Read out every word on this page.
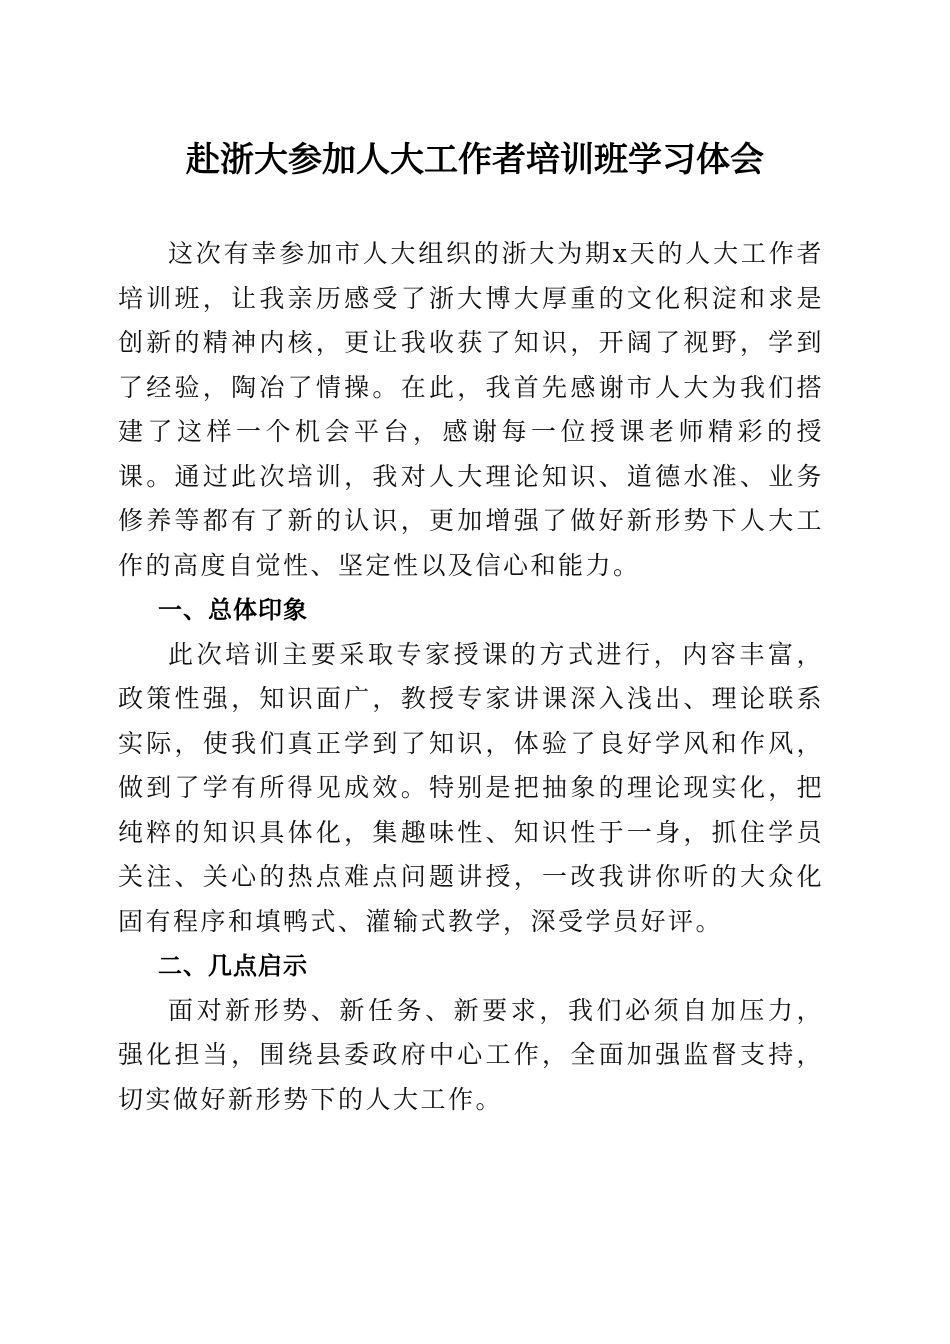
赴浙大参加人大工作者培训班学习体会

这次有幸参加市人大组织的浙大为期x天的人大工作者培训班，让我亲历感受了浙大博大厚重的文化积淀和求是创新的精神内核，更让我收获了知识，开阔了视野，学到了经验，陶冶了情操。在此，我首先感谢市人大为我们搭建了这样一个机会平台，感谢每一位授课老师精彩的授课。通过此次培训，我对人大理论知识、道德水准、业务修养等都有了新的认识，更加增强了做好新形势下人大工作的高度自觉性、坚定性以及信心和能力。

一、总体印象

此次培训主要采取专家授课的方式进行，内容丰富，政策性强，知识面广，教授专家讲课深入浅出、理论联系实际，使我们真正学到了知识，体验了良好学风和作风，做到了学有所得见成效。特别是把抽象的理论现实化，把纯粹的知识具体化，集趣味性、知识性于一身，抓住学员关注、关心的热点难点问题讲授，一改我讲你听的大众化固有程序和填鸭式、灌输式教学，深受学员好评。

二、几点启示

面对新形势、新任务、新要求，我们必须自加压力，强化担当，围绕县委政府中心工作，全面加强监督支持，切实做好新形势下的人大工作。
